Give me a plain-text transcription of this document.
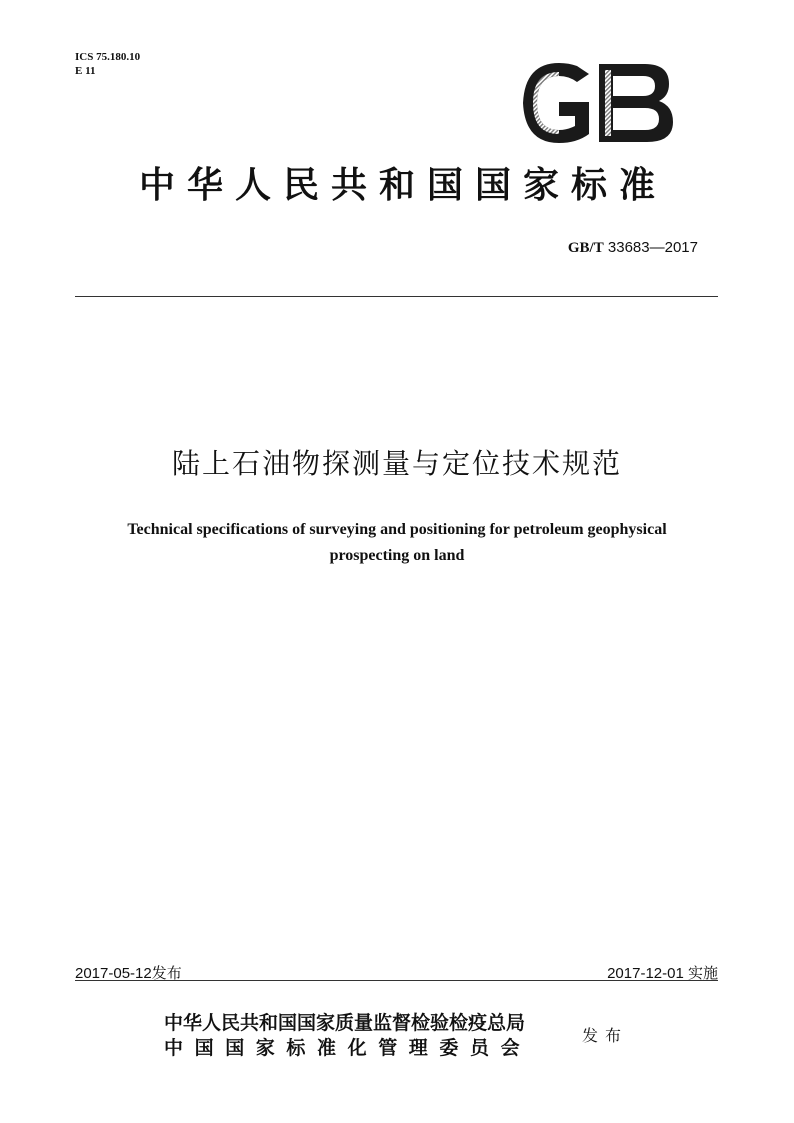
ICS 75.180.10
E 11
中华人民共和国国家标准
GB/T 33683—2017
陆上石油物探测量与定位技术规范
Technical specifications of surveying and positioning for petroleum geophysical
prospecting on land
2017-05-12发布	2017-12-01 实施
中华人民共和国国家质量监督检验检疫总局
中国国家标准化管理委员会
发布
